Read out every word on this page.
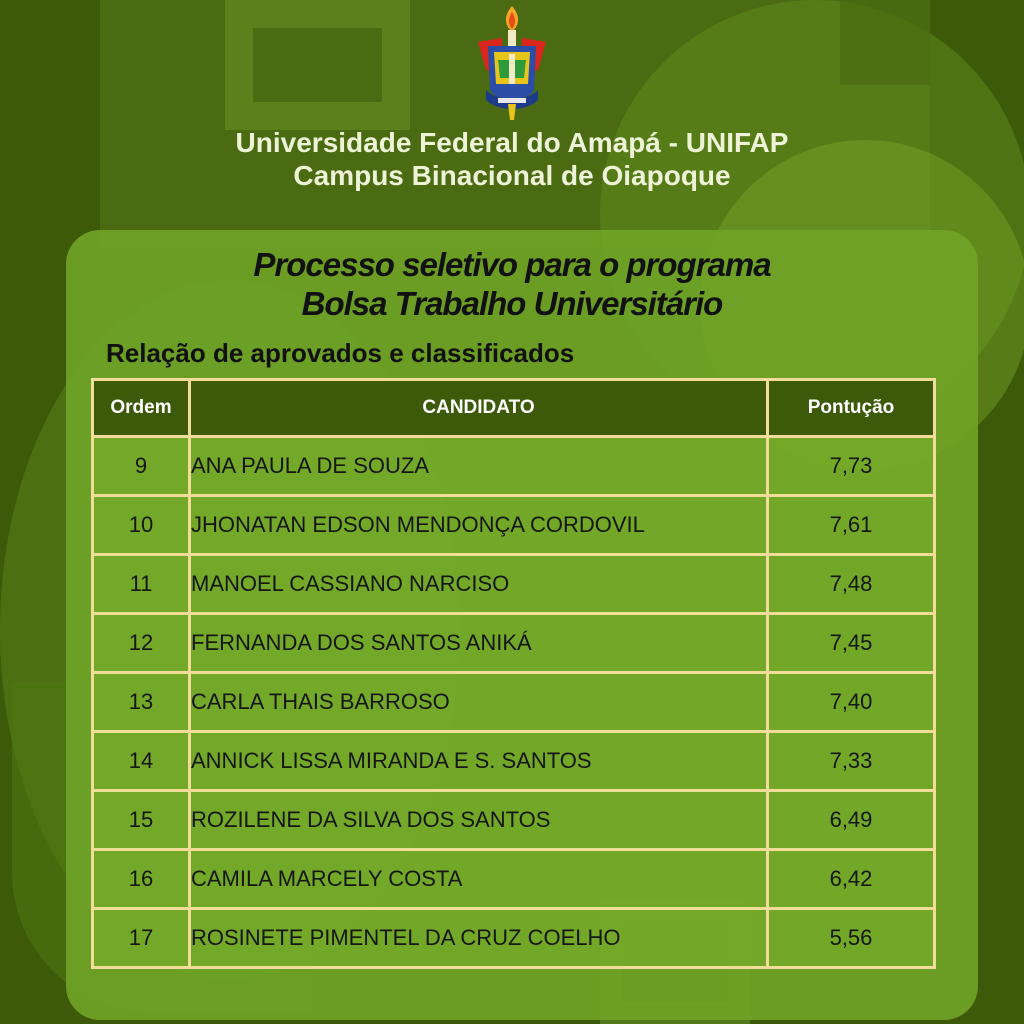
Universidade Federal do Amapá - UNIFAP
Campus Binacional de Oiapoque
Processo seletivo para o programa
Bolsa Trabalho Universitário
Relação de aprovados e classificados
Ordem	CANDIDATO	Pontução
9	ANA PAULA DE SOUZA	7,73
10	JHONATAN EDSON MENDONÇA CORDOVIL	7,61
11	MANOEL CASSIANO NARCISO	7,48
12	FERNANDA DOS SANTOS ANIKÁ	7,45
13	CARLA THAIS BARROSO	7,40
14	ANNICK LISSA MIRANDA E S. SANTOS	7,33
15	ROZILENE DA SILVA DOS SANTOS	6,49
16	CAMILA MARCELY COSTA	6,42
17	ROSINETE PIMENTEL DA CRUZ COELHO	5,56
